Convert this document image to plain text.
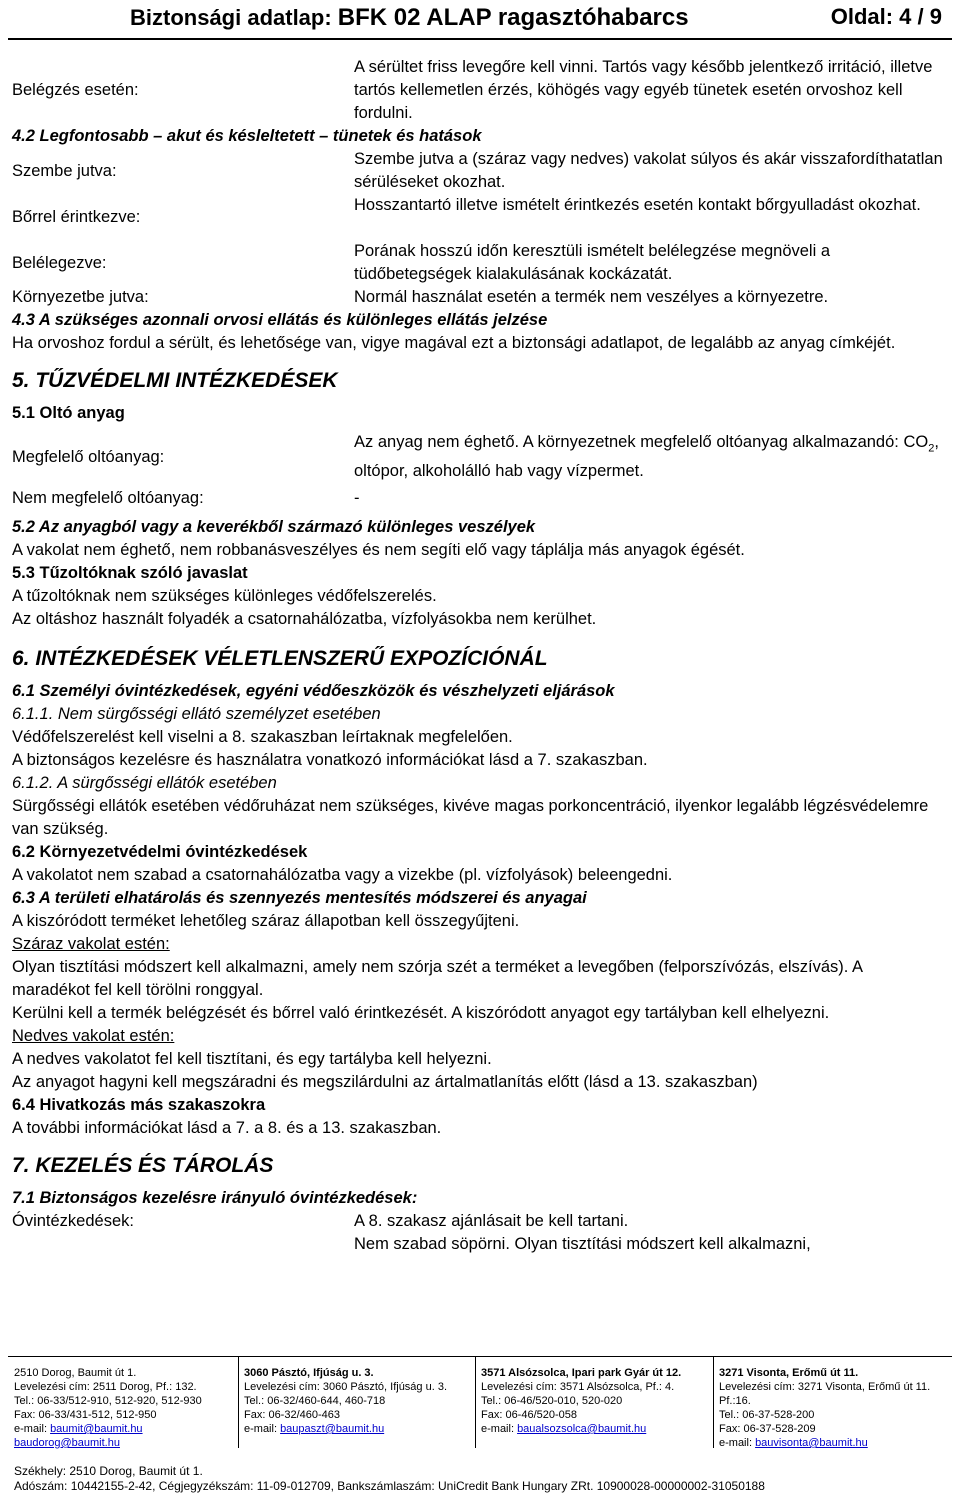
Biztonsági adatlap: BFK 02 ALAP ragasztóhabarcs	Oldal: 4 / 9
Belégzés esetén:
A sérültet friss levegőre kell vinni. Tartós vagy később jelentkező irritáció, illetve tartós kellemetlen érzés, köhögés vagy egyéb tünetek esetén orvoshoz kell fordulni.

4.2 Legfontosabb – akut és késleltetett – tünetek és hatások

Szembe jutva:
Szembe jutva a (száraz vagy nedves) vakolat súlyos és akár visszafordíthatatlan sérüléseket okozhat.
Bőrrel érintkezve:
Hosszantartó illetve ismételt érintkezés esetén kontakt bőrgyulladást okozhat.
Belélegezve:
Porának hosszú időn keresztüli ismételt belélegzése megnöveli a tüdőbetegségek kialakulásának kockázatát.
Környezetbe jutva:	Normál használat esetén a termék nem veszélyes a környezetre.

4.3 A szükséges azonnali orvosi ellátás és különleges ellátás jelzése

Ha orvoshoz fordul a sérült, és lehetősége van, vigye magával ezt a biztonsági adatlapot, de legalább az anyag címkéjét.

5. TŰZVÉDELMI INTÉZKEDÉSEK

5.1 Oltó anyag

Megfelelő oltóanyag:
Az anyag nem éghető. A környezetnek megfelelő oltóanyag alkalmazandó: $CO_2$, oltópor, alkoholálló hab vagy vízpermet.
Nem megfelelő oltóanyag:	-

5.2 Az anyagból vagy a keverékből származó különleges veszélyek

A vakolat nem éghető, nem robbanásveszélyes és nem segíti elő vagy táplálja más anyagok égését.

5.3 Tűzoltóknak szóló javaslat

A tűzoltóknak nem szükséges különleges védőfelszerelés.

Az oltáshoz használt folyadék a csatornahálózatba, vízfolyásokba nem kerülhet.

6. INTÉZKEDÉSEK VÉLETLENSZERŰ EXPOZÍCIÓNÁL

6.1 Személyi óvintézkedések, egyéni védőeszközök és vészhelyzeti eljárások

6.1.1. Nem sürgősségi ellátó személyzet esetében

Védőfelszerelést kell viselni a 8. szakaszban leírtaknak megfelelően.

A biztonságos kezelésre és használatra vonatkozó információkat lásd a 7. szakaszban.

6.1.2. A sürgősségi ellátók esetében

Sürgősségi ellátók esetében védőruházat nem szükséges, kivéve magas porkoncentráció, ilyenkor legalább légzésvédelemre van szükség.

6.2 Környezetvédelmi óvintézkedések

A vakolatot nem szabad a csatornahálózatba vagy a vizekbe (pl. vízfolyások) beleengedni.

6.3 A területi elhatárolás és szennyezés mentesítés módszerei és anyagai

A kiszóródott terméket lehetőleg száraz állapotban kell összegyűjteni.

Száraz vakolat estén:

Olyan tisztítási módszert kell alkalmazni, amely nem szórja szét a terméket a levegőben (felporszívózás, elszívás). A maradékot fel kell törölni ronggyal.

Kerülni kell a termék belégzését és bőrrel való érintkezését. A kiszóródott anyagot egy tartályban kell elhelyezni.

Nedves vakolat estén:

A nedves vakolatot fel kell tisztítani, és egy tartályba kell helyezni.

Az anyagot hagyni kell megszáradni és megszilárdulni az ártalmatlanítás előtt (lásd a 13. szakaszban)

6.4 Hivatkozás más szakaszokra

A további információkat lásd a 7. a 8. és a 13. szakaszban.

7. KEZELÉS ÉS TÁROLÁS

7.1 Biztonságos kezelésre irányuló óvintézkedések:

Óvintézkedések:	A 8. szakasz ajánlásait be kell tartani.

Nem szabad söpörni. Olyan tisztítási módszert kell alkalmazni,

2510 Dorog, Baumit út 1.
Levelezési cím: 2511 Dorog, Pf.: 132.
Tel.: 06-33/512-910, 512-920, 512-930
Fax: 06-33/431-512, 512-950
e-mail: baumit@baumit.hu
baudorog@baumit.hu
3060 Pásztó, Ifjúság u. 3.
Levelezési cím: 3060 Pásztó, Ifjúság u. 3.
Tel.: 06-32/460-644, 460-718
Fax: 06-32/460-463
e-mail: baupaszt@baumit.hu
3571 Alsózsolca, Ipari park Gyár út 12.
Levelezési cím: 3571 Alsózsolca, Pf.: 4.
Tel.: 06-46/520-010, 520-020
Fax: 06-46/520-058
e-mail: baualsozsolca@baumit.hu
3271 Visonta, Erőmű út 11.
Levelezési cím: 3271 Visonta, Erőmű út 11. Pf.:16.
Tel.: 06-37-528-200
Fax: 06-37-528-209
e-mail: bauvisonta@baumit.hu
Székhely: 2510 Dorog, Baumit út 1.
Adószám: 10442155-2-42, Cégjegyzékszám: 11-09-012709, Bankszámlaszám: UniCredit Bank Hungary ZRt. 10900028-00000002-31050188
